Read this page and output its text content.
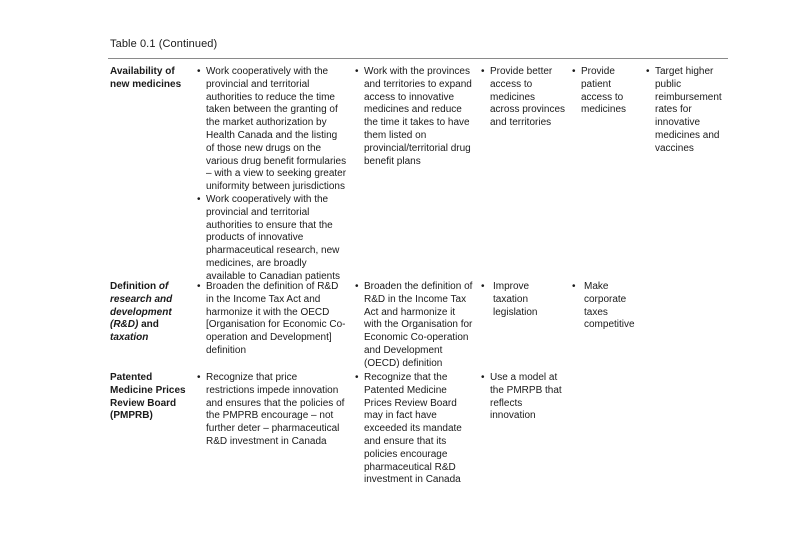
Table 0.1 (Continued)
Availability of new medicines
• Work cooperatively with the provincial and territorial authorities to reduce the time taken between the granting of the market authorization by Health Canada and the listing of those new drugs on the various drug benefit formularies – with a view to seeking greater uniformity between jurisdictions
• Work cooperatively with the provincial and territorial authorities to ensure that the products of innovative pharmaceutical research, new medicines, are broadly available to Canadian patients
• Work with the provinces and territories to expand access to innovative medicines and reduce the time it takes to have them listed on provincial/territorial drug benefit plans
• Provide better access to medicines across provinces and territories
• Provide patient access to medicines
• Target higher public reimbursement rates for innovative medicines and vaccines
Definition of research and development (R&D) and taxation
• Broaden the definition of R&D in the Income Tax Act and harmonize it with the OECD [Organisation for Economic Co-operation and Development] definition
• Broaden the definition of R&D in the Income Tax Act and harmonize it with the Organisation for Economic Co-operation and Development (OECD) definition
• Improve taxation legislation
• Make corporate taxes competitive
Patented Medicine Prices Review Board (PMPRB)
• Recognize that price restrictions impede innovation and ensures that the policies of the PMPRB encourage – not further deter – pharmaceutical R&D investment in Canada
• Recognize that the Patented Medicine Prices Review Board may in fact have exceeded its mandate and ensure that its policies encourage pharmaceutical R&D investment in Canada
• Use a model at the PMRPB that reflects innovation
